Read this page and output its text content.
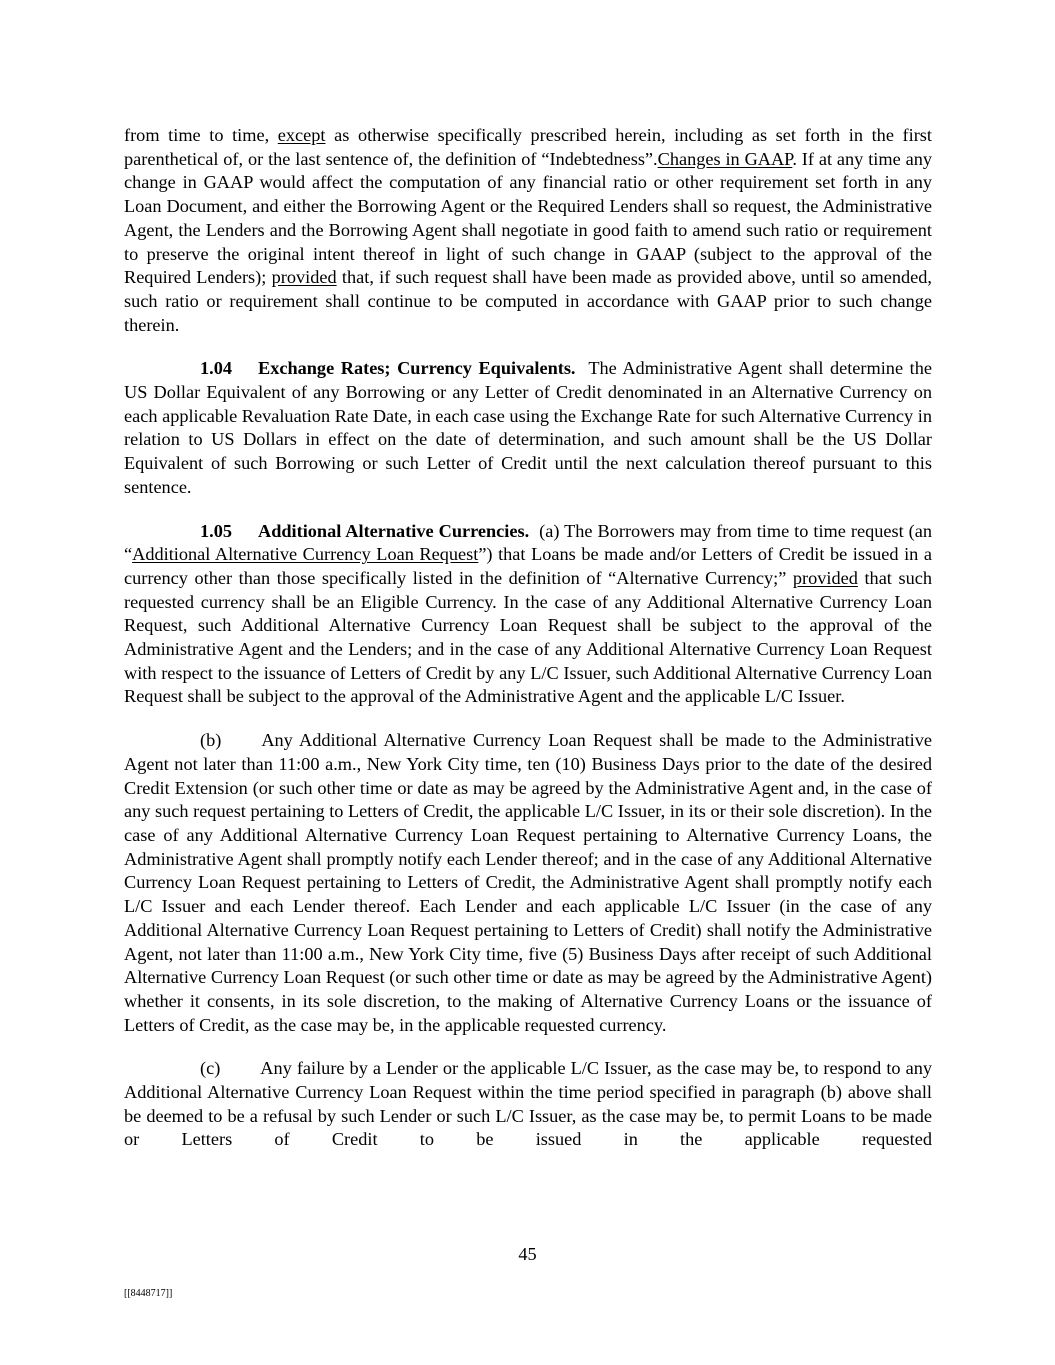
from time to time, except as otherwise specifically prescribed herein, including as set forth in the first parenthetical of, or the last sentence of, the definition of “Indebtedness”.Changes in GAAP. If at any time any change in GAAP would affect the computation of any financial ratio or other requirement set forth in any Loan Document, and either the Borrowing Agent or the Required Lenders shall so request, the Administrative Agent, the Lenders and the Borrowing Agent shall negotiate in good faith to amend such ratio or requirement to preserve the original intent thereof in light of such change in GAAP (subject to the approval of the Required Lenders); provided that, if such request shall have been made as provided above, until so amended, such ratio or requirement shall continue to be computed in accordance with GAAP prior to such change therein.

1.04 Exchange Rates; Currency Equivalents.  The Administrative Agent shall determine the US Dollar Equivalent of any Borrowing or any Letter of Credit denominated in an Alternative Currency on each applicable Revaluation Rate Date, in each case using the Exchange Rate for such Alternative Currency in relation to US Dollars in effect on the date of determination, and such amount shall be the US Dollar Equivalent of such Borrowing or such Letter of Credit until the next calculation thereof pursuant to this sentence.

1.05 Additional Alternative Currencies.  (a) The Borrowers may from time to time request (an “Additional Alternative Currency Loan Request”) that Loans be made and/or Letters of Credit be issued in a currency other than those specifically listed in the definition of “Alternative Currency;” provided that such requested currency shall be an Eligible Currency. In the case of any Additional Alternative Currency Loan Request, such Additional Alternative Currency Loan Request shall be subject to the approval of the Administrative Agent and the Lenders; and in the case of any Additional Alternative Currency Loan Request with respect to the issuance of Letters of Credit by any L/C Issuer, such Additional Alternative Currency Loan Request shall be subject to the approval of the Administrative Agent and the applicable L/C Issuer.

(b) Any Additional Alternative Currency Loan Request shall be made to the Administrative Agent not later than 11:00 a.m., New York City time, ten (10) Business Days prior to the date of the desired Credit Extension (or such other time or date as may be agreed by the Administrative Agent and, in the case of any such request pertaining to Letters of Credit, the applicable L/C Issuer, in its or their sole discretion). In the case of any Additional Alternative Currency Loan Request pertaining to Alternative Currency Loans, the Administrative Agent shall promptly notify each Lender thereof; and in the case of any Additional Alternative Currency Loan Request pertaining to Letters of Credit, the Administrative Agent shall promptly notify each L/C Issuer and each Lender thereof. Each Lender and each applicable L/C Issuer (in the case of any Additional Alternative Currency Loan Request pertaining to Letters of Credit) shall notify the Administrative Agent, not later than 11:00 a.m., New York City time, five (5) Business Days after receipt of such Additional Alternative Currency Loan Request (or such other time or date as may be agreed by the Administrative Agent) whether it consents, in its sole discretion, to the making of Alternative Currency Loans or the issuance of Letters of Credit, as the case may be, in the applicable requested currency.

(c) Any failure by a Lender or the applicable L/C Issuer, as the case may be, to respond to any Additional Alternative Currency Loan Request within the time period specified in paragraph (b) above shall be deemed to be a refusal by such Lender or such L/C Issuer, as the case may be, to permit Loans to be made or Letters of Credit to be issued in the applicable requested

45
[[8448717]]
